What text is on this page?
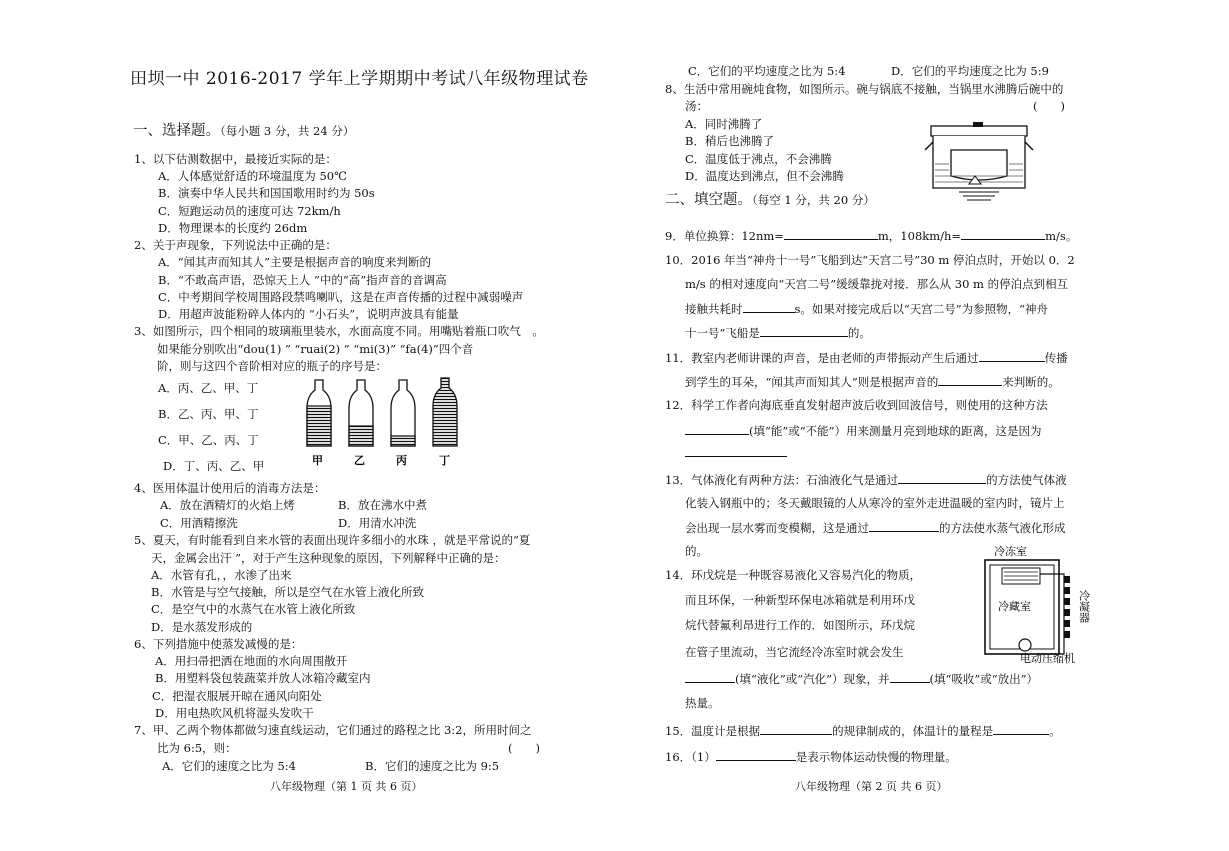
田坝一中 2016-2017 学年上学期期中考试八年级物理试卷
一、选择题。（每小题 3 分，共 24 分）
1、以下估测数据中，最接近实际的是：
A．人体感觉舒适的环境温度为 50℃
B．演奏中华人民共和国国歌用时约为 50s
C．短跑运动员的速度可达 72km/h
D．物理课本的长度约 26dm
2、关于声现象，下列说法中正确的是：
A．“闻其声而知其人”主要是根据声音的响度来判断的
B．“不敢高声语，恐惊天上人 ”中的“高”指声音的音调高
C．中考期间学校周围路段禁鸣喇叭，这是在声音传播的过程中减弱噪声
D．用超声波能粉碎人体内的 “小石头”，说明声波具有能量
3、如图所示，四个相同的玻璃瓶里装水，水面高度不同。用嘴贴着瓶口吹气　。
如果能分别吹出“dou(1) ” “ruai(2) ” “mi(3)” “fa(4)”四个音
阶，则与这四个音阶相对应的瓶子的序号是：
A．丙、乙、甲、丁
B．乙、丙、甲、丁
C．甲、乙、丙、丁
D．丁、丙、乙、甲	甲	乙	丙	丁
4、医用体温计使用后的消毒方法是：
A．放在酒精灯的火焰上烤	B．放在沸水中煮
C．用酒精擦洗	D．用清水冲洗
5、夏天，有时能看到自来水管的表面出现许多细小的水珠 ，就是平常说的“夏
天，金属会出汗 ”，对于产生这种现象的原因，下列解释中正确的是：
A．水管有孔，，水渗了出来
B．水管是与空气接触，所以是空气在水管上液化所致
C．是空气中的水蒸气在水管上液化所致
D．是水蒸发形成的
6、下列措施中使蒸发减慢的是：
A．用扫帚把洒在地面的水向周围散开
B．用塑料袋包装蔬菜并放人冰箱冷藏室内
C．把湿衣服展开晾在通风向阳处
D．用电热吹风机将湿头发吹干
7、甲、乙两个物体都做匀速直线运动，它们通过的路程之比 3:2，所用时间之
比为 6:5，则：	(　　)
A．它们的速度之比为 5:4	B．它们的速度之比为 9:5
八年级物理（第 1 页 共 6 页）
C．它们的平均速度之比为 5:4	D．它们的平均速度之比为 5:9
8、生活中常用碗炖食物，如图所示。碗与锅底不接触，当锅里水沸腾后碗中的
汤：	(　　)
A．同时沸腾了
B．稍后也沸腾了
C．温度低于沸点，不会沸腾
D．温度达到沸点，但不会沸腾
二、填空题。（每空 1 分，共 20 分）
9．单位换算：12nm=	m，108km/h=	m/s。
10．2016 年当“神舟十一号”飞船到达“天宫二号”30 m 停泊点时，开始以 0．2
m/s 的相对速度向“天宫二号”缓缓靠拢对接．那么从 30 m 的停泊点到相互
接触共耗时	s。如果对接完成后以“天宫二号”为参照物，“神舟
十一号”飞船是	的。
11．教室内老师讲课的声音，是由老师的声带振动产生后通过	传播
到学生的耳朵，“闻其声而知其人”则是根据声音的	来判断的。
12．科学工作者向海底垂直发射超声波后收到回波信号，则使用的这种方法
(填“能”或“不能”）用来测量月亮到地球的距离，这是因为
13．气体液化有两种方法：石油液化气是通过	的方法使气体液
化装入钢瓶中的；冬天戴眼镜的人从寒冷的室外走进温暖的室内时，镜片上
会出现一层水雾而变模糊，这是通过	的方法使水蒸气液化形成
的。
14．环戊烷是一种既容易液化又容易汽化的物质，
而且环保，一种新型环保电冰箱就是利用环戊
烷代替氟利昂进行工作的．如图所示，环戊烷
在管子里流动，当它流经冷冻室时就会发生
(填“液化”或“汽化”）现象，并	(填“吸收”或“放出”）
热量。
冷冻室
冷藏室	冷凝器
电动压缩机
15．温度计是根据	的规律制成的，体温计的量程是	。
16．（1）	是表示物体运动快慢的物理量。
八年级物理（第 2 页 共 6 页）
